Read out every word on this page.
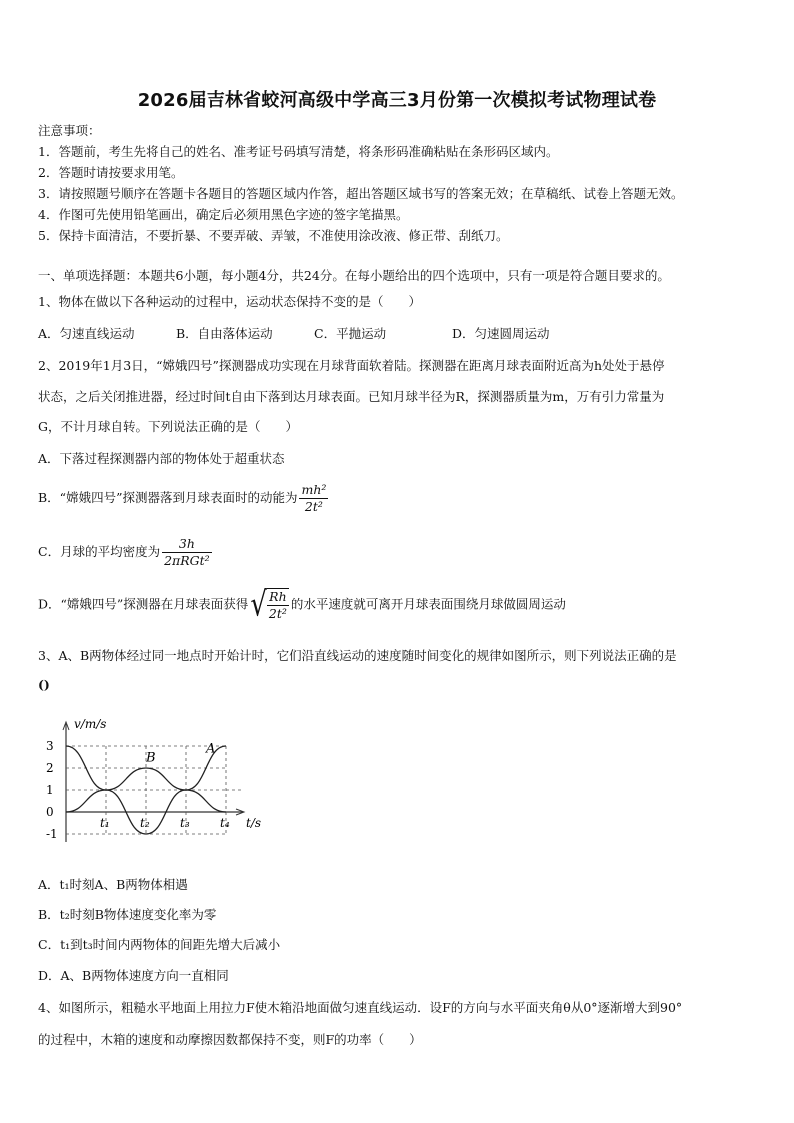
2026届吉林省蛟河高级中学高三3月份第一次模拟考试物理试卷
注意事项：
1．答题前，考生先将自己的姓名、准考证号码填写清楚，将条形码准确粘贴在条形码区域内。
2．答题时请按要求用笔。
3．请按照题号顺序在答题卡各题目的答题区域内作答，超出答题区域书写的答案无效；在草稿纸、试卷上答题无效。
4．作图可先使用铅笔画出，确定后必须用黑色字迹的签字笔描黑。
5．保持卡面清洁，不要折暴、不要弄破、弄皱，不准使用涂改液、修正带、刮纸刀。
一、单项选择题：本题共6小题，每小题4分，共24分。在每小题给出的四个选项中，只有一项是符合题目要求的。
1、物体在做以下各种运动的过程中，运动状态保持不变的是（　　）
A．匀速直线运动	B．自由落体运动	C．平抛运动	D．匀速圆周运动
2、2019年1月3日，“嫦娥四号”探测器成功实现在月球背面软着陆。探测器在距离月球表面附近高为h处处于悬停
状态，之后关闭推进器，经过时间t自由下落到达月球表面。已知月球半径为R，探测器质量为m，万有引力常量为
G，不计月球自转。下列说法正确的是（　　）
A．下落过程探测器内部的物体处于超重状态
B．“嫦娥四号”探测器落到月球表面时的动能为 $\frac{\text{mh²}}{\text{2t²}}$
C．月球的平均密度为 $\frac{3h}{\text{2πRGt²}}$
D．“嫦娥四号”探测器在月球表面获得 √ $\frac{Rh}{\text{2t²}}$ 的水平速度就可离开月球表面围绕月球做圆周运动
3、A、B两物体经过同一地点时开始计时，它们沿直线运动的速度随时间变化的规律如图所示，则下列说法正确的是
()
3
2
1
0
-1
t₁	t₂	t₃	t₄
v/m/s
t/s
A
B
A．t₁时刻A、B两物体相遇
B．t₂时刻B物体速度变化率为零
C．t₁到t₃时间内两物体的间距先增大后减小
D．A、B两物体速度方向一直相同
4、如图所示，粗糙水平地面上用拉力F使木箱沿地面做匀速直线运动．设F的方向与水平面夹角θ从0°逐渐增大到90°
的过程中，木箱的速度和动摩擦因数都保持不变，则F的功率（　　）
